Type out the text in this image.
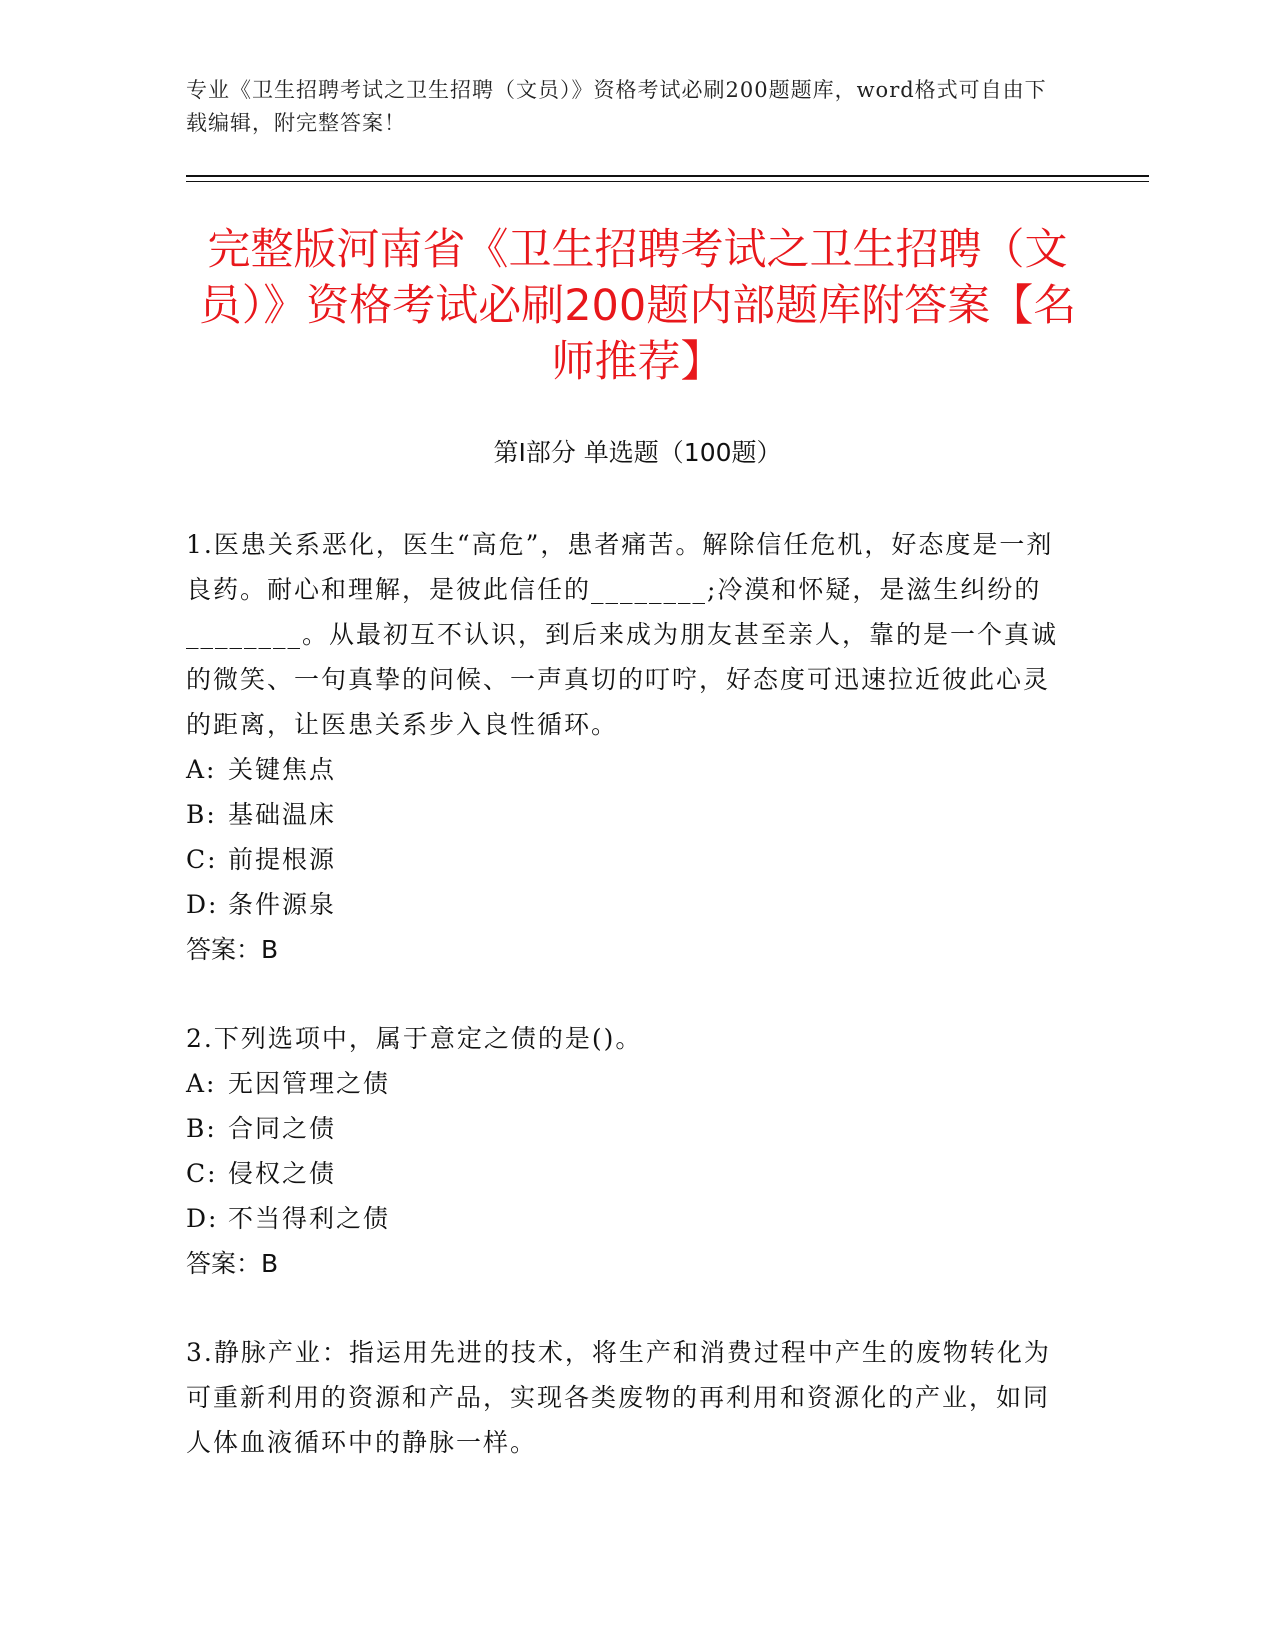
专业《卫生招聘考试之卫生招聘（文员）》资格考试必刷200题题库，word格式可自由下载编辑，附完整答案！
完整版河南省《卫生招聘考试之卫生招聘（文员）》资格考试必刷200题内部题库附答案【名师推荐】
第Ⅰ部分 单选题（100题）

1.医患关系恶化，医生“高危”，患者痛苦。解除信任危机，好态度是一剂良药。耐心和理解，是彼此信任的________;冷漠和怀疑，是滋生纠纷的________。从最初互不认识，到后来成为朋友甚至亲人，靠的是一个真诚的微笑、一句真挚的问候、一声真切的叮咛，好态度可迅速拉近彼此心灵的距离，让医患关系步入良性循环。

A: 关键焦点

B: 基础温床

C: 前提根源

D: 条件源泉

答案：B

2.下列选项中，属于意定之债的是()。

A: 无因管理之债

B: 合同之债

C: 侵权之债

D: 不当得利之债

答案：B

3.静脉产业：指运用先进的技术，将生产和消费过程中产生的废物转化为可重新利用的资源和产品，实现各类废物的再利用和资源化的产业，如同人体血液循环中的静脉一样。
